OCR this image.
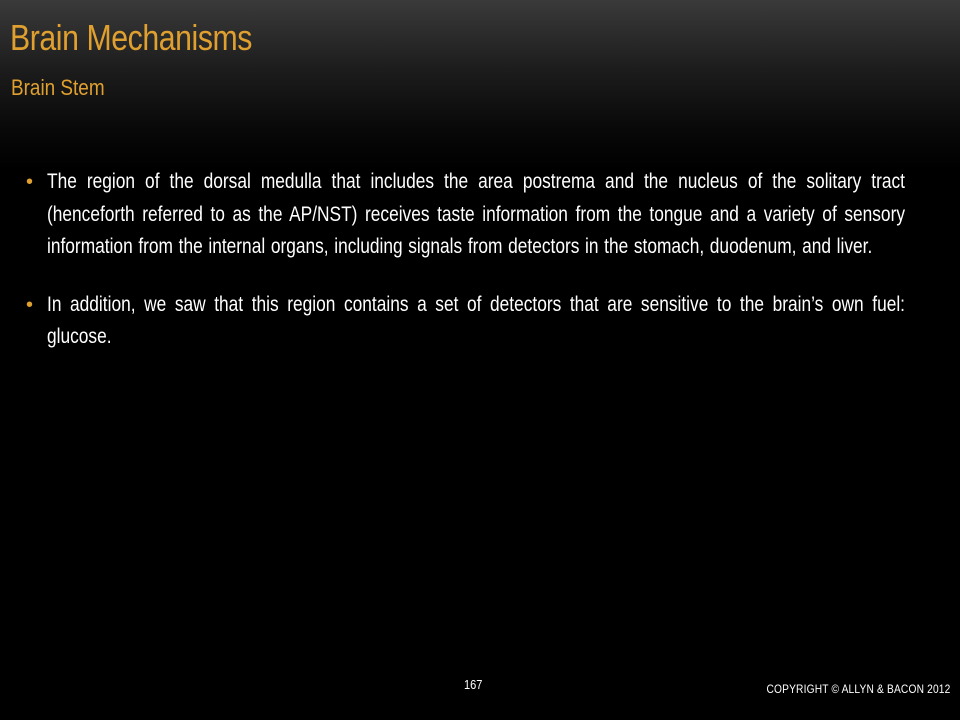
Brain Mechanisms
Brain Stem
• The region of the dorsal medulla that includes the area postrema and the nucleus of the solitary tract (henceforth referred to as the AP/NST) receives taste information from the tongue and a variety of sensory information from the internal organs, including signals from detectors in the stomach, duodenum, and liver.
• In addition, we saw that this region contains a set of detectors that are sensitive to the brain’s own fuel: glucose.
167	COPYRIGHT © ALLYN & BACON 2012
